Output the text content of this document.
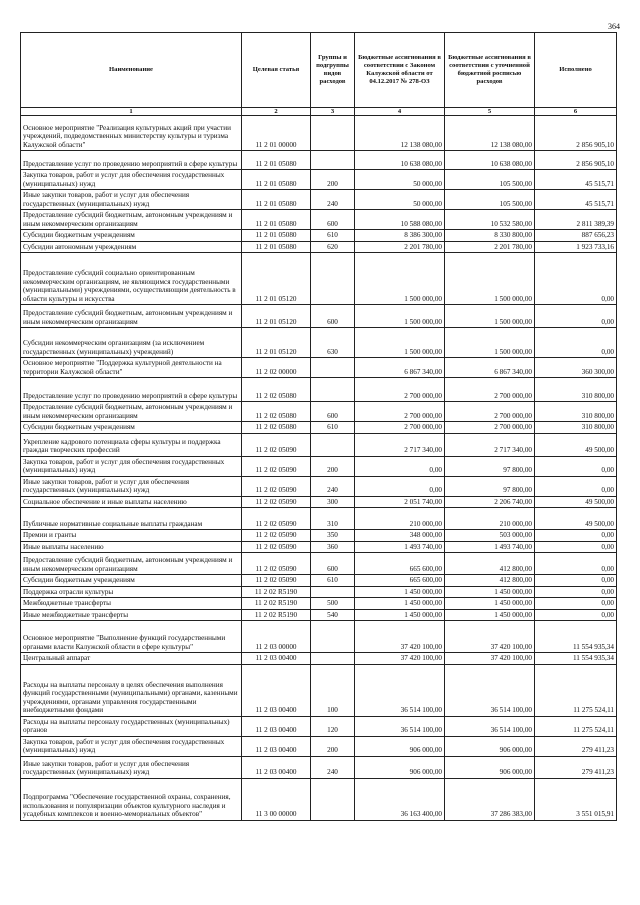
364
Наименование	Целевая статья	Группы и подгруппы видов расходов	Бюджетные ассигнования в соответствии с Законом Калужской области от 04.12.2017 № 278-ОЗ	Бюджетные ассигнования в соответствии с уточненной бюджетной росписью расходов	Исполнено
1	2	3	4	5	6
Основное мероприятие "Реализация культурных акций при участии учреждений, подведомственных министерству культуры и туризма Калужской области"	11 2 01 00000		12 138 080,00	12 138 080,00	2 856 905,10
Предоставление услуг по проведению мероприятий в сфере культуры	11 2 01 05080		10 638 080,00	10 638 080,00	2 856 905,10
Закупка товаров, работ и услуг для обеспечения государственных (муниципальных) нужд	11 2 01 05080	200	50 000,00	105 500,00	45 515,71
Иные закупки товаров, работ и услуг для обеспечения государственных (муниципальных) нужд	11 2 01 05080	240	50 000,00	105 500,00	45 515,71
Предоставление субсидий бюджетным, автономным учреждениям и иным некоммерческим организациям	11 2 01 05080	600	10 588 080,00	10 532 580,00	2 811 389,39
Субсидии бюджетным учреждениям	11 2 01 05080	610	8 386 300,00	8 330 800,00	887 656,23
Субсидии автономным учреждениям	11 2 01 05080	620	2 201 780,00	2 201 780,00	1 923 733,16
Предоставление субсидий социально ориентированным некоммерческим организациям, не являющимся государственными (муниципальными) учреждениями, осуществляющим деятельность в области культуры и искусства	11 2 01 05120		1 500 000,00	1 500 000,00	0,00
Предоставление субсидий бюджетным, автономным учреждениям и иным некоммерческим организациям	11 2 01 05120	600	1 500 000,00	1 500 000,00	0,00
Субсидии некоммерческим организациям (за исключением государственных (муниципальных) учреждений)	11 2 01 05120	630	1 500 000,00	1 500 000,00	0,00
Основное мероприятие "Поддержка культурной деятельности на территории Калужской области"	11 2 02 00000		6 867 340,00	6 867 340,00	360 300,00
Предоставление услуг по проведению мероприятий в сфере культуры	11 2 02 05080		2 700 000,00	2 700 000,00	310 800,00
Предоставление субсидий бюджетным, автономным учреждениям и иным некоммерческим организациям	11 2 02 05080	600	2 700 000,00	2 700 000,00	310 800,00
Субсидии бюджетным учреждениям	11 2 02 05080	610	2 700 000,00	2 700 000,00	310 800,00
Укрепление кадрового потенциала сферы культуры и поддержка граждан творческих профессий	11 2 02 05090		2 717 340,00	2 717 340,00	49 500,00
Закупка товаров, работ и услуг для обеспечения государственных (муниципальных) нужд	11 2 02 05090	200	0,00	97 800,00	0,00
Иные закупки товаров, работ и услуг для обеспечения государственных (муниципальных) нужд	11 2 02 05090	240	0,00	97 800,00	0,00
Социальное обеспечение и иные выплаты населению	11 2 02 05090	300	2 051 740,00	2 206 740,00	49 500,00
Публичные нормативные социальные выплаты гражданам	11 2 02 05090	310	210 000,00	210 000,00	49 500,00
Премии и гранты	11 2 02 05090	350	348 000,00	503 000,00	0,00
Иные выплаты населению	11 2 02 05090	360	1 493 740,00	1 493 740,00	0,00
Предоставление субсидий бюджетным, автономным учреждениям и иным некоммерческим организациям	11 2 02 05090	600	665 600,00	412 800,00	0,00
Субсидии бюджетным учреждениям	11 2 02 05090	610	665 600,00	412 800,00	0,00
Поддержка отрасли культуры	11 2 02 R5190		1 450 000,00	1 450 000,00	0,00
Межбюджетные трансферты	11 2 02 R5190	500	1 450 000,00	1 450 000,00	0,00
Иные межбюджетные трансферты	11 2 02 R5190	540	1 450 000,00	1 450 000,00	0,00
Основное мероприятие "Выполнение функций государственными органами власти Калужской области в сфере культуры"	11 2 03 00000		37 420 100,00	37 420 100,00	11 554 935,34
Центральный аппарат	11 2 03 00400		37 420 100,00	37 420 100,00	11 554 935,34
Расходы на выплаты персоналу в целях обеспечения выполнения функций государственными (муниципальными) органами, казенными учреждениями, органами управления государственными внебюджетными фондами	11 2 03 00400	100	36 514 100,00	36 514 100,00	11 275 524,11
Расходы на выплаты персоналу государственных (муниципальных) органов	11 2 03 00400	120	36 514 100,00	36 514 100,00	11 275 524,11
Закупка товаров, работ и услуг для обеспечения государственных (муниципальных) нужд	11 2 03 00400	200	906 000,00	906 000,00	279 411,23
Иные закупки товаров, работ и услуг для обеспечения государственных (муниципальных) нужд	11 2 03 00400	240	906 000,00	906 000,00	279 411,23
Подпрограмма "Обеспечение государственной охраны, сохранения, использования и популяризации объектов культурного наследия и усадебных комплексов и военно-мемориальных объектов"	11 3 00 00000		36 163 400,00	37 286 383,00	3 551 015,91
